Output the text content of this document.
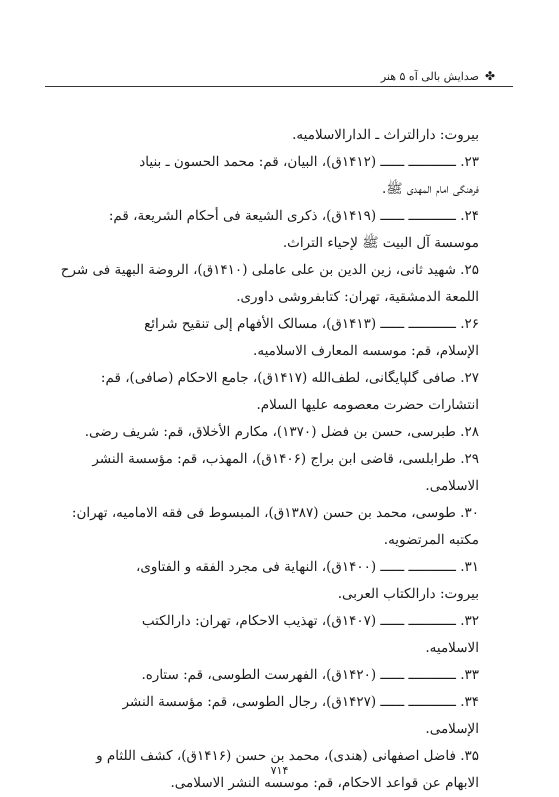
✤صدایش بالی آه ۵ هنر
بیروت: دارالتراث ـ الدارالاسلامیه.
۲۳. ــــــــــــ ــــــ (۱۴۱۲ق)، البیان، قم: محمد الحسون ـ بنیاد
فرهنگی امام المهدی ﷺ.
۲۴. ــــــــــــ ــــــ (۱۴۱۹ق)، ذکری الشیعة فی أحکام الشریعة، قم:
موسسة آل البیت ﷺ لإحیاء التراث.
۲۵. شهید ثانی، زین الدین بن علی عاملی (۱۴۱۰ق)، الروضة البهیة فی شرح
اللمعة الدمشقیة، تهران: کتابفروشی داوری.
۲۶. ــــــــــــ ــــــ (۱۴۱۳ق)، مسالک الأفهام إلی تنقیح شرائع
الإسلام، قم: موسسه المعارف الاسلامیه.
۲۷. صافی گلپایگانی، لطف‌الله (۱۴۱۷ق)، جامع الاحکام (صافی)، قم:
انتشارات حضرت معصومه علیها السلام.
۲۸. طبرسی، حسن بن فضل (۱۳۷۰)، مکارم الأخلاق، قم: شریف رضی.
۲۹. طرابلسی، قاضی ابن براج (۱۴۰۶ق)، المهذب، قم: مؤسسة النشر
الاسلامی.
۳۰. طوسی، محمد بن حسن (۱۳۸۷ق)، المبسوط فی فقه الامامیه، تهران:
مکتبه المرتضویه.
۳۱. ــــــــــــ ــــــ (۱۴۰۰ق)، النهایة فی مجرد الفقه و الفتاوی،
بیروت: دارالکتاب العربی.
۳۲. ــــــــــــ ــــــ (۱۴۰۷ق)، تهذیب الاحکام، تهران: دارالکتب
الاسلامیه.
۳۳. ــــــــــــ ــــــ (۱۴۲۰ق)، الفهرست الطوسی، قم: ستاره.
۳۴. ــــــــــــ ــــــ (۱۴۲۷ق)، رجال الطوسی، قم: مؤسسة النشر
الإسلامی.
۳۵. فاضل اصفهانی (هندی)، محمد بن حسن (۱۴۱۶ق)، کشف اللثام و
الابهام عن قواعد الاحکام، قم: موسسه النشر الاسلامی.
۷۱۴
